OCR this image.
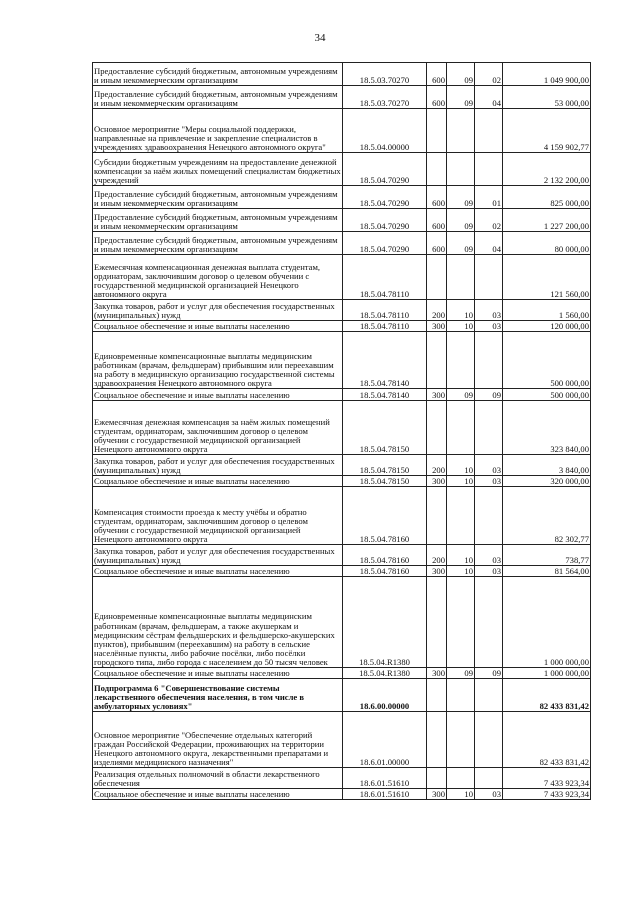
34
Предоставление субсидий бюджетным, автономным учреждениям и иным некоммерческим организациям	18.5.03.70270	600	09	02	1 049 900,00
Предоставление субсидий бюджетным, автономным учреждениям и иным некоммерческим организациям	18.5.03.70270	600	09	04	53 000,00
Основное мероприятие "Меры социальной поддержки, направленные на привлечение и закрепление специалистов в учреждениях здравоохранения Ненецкого автономного округа"	18.5.04.00000				4 159 902,77
Субсидии бюджетным учреждениям на предоставление денежной компенсации за наём жилых помещений специалистам бюджетных учреждений	18.5.04.70290				2 132 200,00
Предоставление субсидий бюджетным, автономным учреждениям и иным некоммерческим организациям	18.5.04.70290	600	09	01	825 000,00
Предоставление субсидий бюджетным, автономным учреждениям и иным некоммерческим организациям	18.5.04.70290	600	09	02	1 227 200,00
Предоставление субсидий бюджетным, автономным учреждениям и иным некоммерческим организациям	18.5.04.70290	600	09	04	80 000,00
Ежемесячная компенсационная денежная выплата студентам, ординаторам, заключившим договор о целевом обучении с государственной медицинской организацией Ненецкого автономного округа	18.5.04.78110				121 560,00
Закупка товаров, работ и услуг для обеспечения государственных (муниципальных) нужд	18.5.04.78110	200	10	03	1 560,00
Социальное обеспечение и иные выплаты населению	18.5.04.78110	300	10	03	120 000,00
Единовременные компенсационные выплаты медицинским работникам (врачам, фельдшерам) прибывшим или переехавшим на работу в медицинскую организацию государственной системы здравоохранения Ненецкого автономного округа	18.5.04.78140				500 000,00
Социальное обеспечение и иные выплаты населению	18.5.04.78140	300	09	09	500 000,00
Ежемесячная денежная компенсация за наём жилых помещений студентам, ординаторам, заключившим договор о целевом обучении с государственной медицинской организацией Ненецкого автономного округа	18.5.04.78150				323 840,00
Закупка товаров, работ и услуг для обеспечения государственных (муниципальных) нужд	18.5.04.78150	200	10	03	3 840,00
Социальное обеспечение и иные выплаты населению	18.5.04.78150	300	10	03	320 000,00
Компенсация стоимости проезда к месту учёбы и обратно студентам, ординаторам, заключившим договор о целевом обучении с государственной медицинской организацией Ненецкого автономного округа	18.5.04.78160				82 302,77
Закупка товаров, работ и услуг для обеспечения государственных (муниципальных) нужд	18.5.04.78160	200	10	03	738,77
Социальное обеспечение и иные выплаты населению	18.5.04.78160	300	10	03	81 564,00
Единовременные компенсационные выплаты медицинским работникам (врачам, фельдшерам, а также акушеркам и медицинским сёстрам фельдшерских и фельдшерско-акушерских пунктов), прибывшим (переехавшим) на работу в сельские населённые пункты, либо рабочие посёлки, либо посёлки городского типа, либо города с населением до 50 тысяч человек	18.5.04.R1380				1 000 000,00
Социальное обеспечение и иные выплаты населению	18.5.04.R1380	300	09	09	1 000 000,00
Подпрограмма 6 "Совершенствование системы лекарственного обеспечения населения, в том числе в амбулаторных условиях"	18.6.00.00000				82 433 831,42
Основное мероприятие "Обеспечение отдельных категорий граждан Российской Федерации, проживающих на территории Ненецкого автономного округа, лекарственными препаратами и изделиями медицинского назначения"	18.6.01.00000				82 433 831,42
Реализация отдельных полномочий в области лекарственного обеспечения	18.6.01.51610				7 433 923,34
Социальное обеспечение и иные выплаты населению	18.6.01.51610	300	10	03	7 433 923,34
